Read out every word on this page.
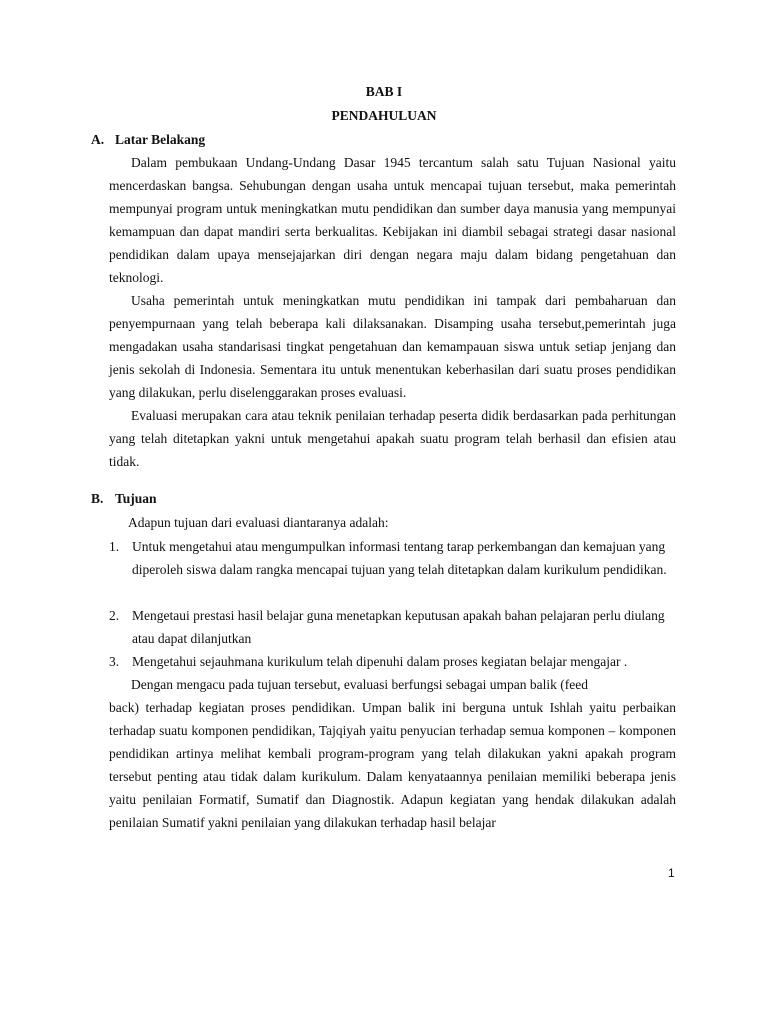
BAB I
PENDAHULUAN
A. Latar Belakang

Dalam pembukaan Undang-Undang Dasar 1945 tercantum salah satu Tujuan Nasional yaitu mencerdaskan bangsa. Sehubungan dengan usaha untuk mencapai tujuan tersebut, maka pemerintah mempunyai program untuk meningkatkan mutu pendidikan dan sumber daya manusia yang mempunyai kemampuan dan dapat mandiri serta berkualitas. Kebijakan ini diambil sebagai strategi dasar nasional pendidikan dalam upaya mensejajarkan diri dengan negara maju dalam bidang pengetahuan dan teknologi.

Usaha pemerintah untuk meningkatkan mutu pendidikan ini tampak dari pembaharuan dan penyempurnaan yang telah beberapa kali dilaksanakan. Disamping usaha tersebut,pemerintah juga mengadakan usaha standarisasi tingkat pengetahuan dan kemampauan siswa untuk setiap jenjang dan jenis sekolah di Indonesia. Sementara itu untuk menentukan keberhasilan dari suatu proses pendidikan yang dilakukan, perlu diselenggarakan proses evaluasi.

Evaluasi merupakan cara atau teknik penilaian terhadap peserta didik berdasarkan pada perhitungan yang telah ditetapkan yakni untuk mengetahui apakah suatu program telah berhasil dan efisien atau tidak.

B. Tujuan

Adapun tujuan dari evaluasi diantaranya adalah:

1. Untuk mengetahui atau mengumpulkan informasi tentang tarap perkembangan dan kemajuan yang diperoleh siswa dalam rangka mencapai tujuan yang telah ditetapkan dalam kurikulum pendidikan.
2. Mengetaui prestasi hasil belajar guna menetapkan keputusan apakah bahan pelajaran perlu diulang atau dapat dilanjutkan
3. Mengetahui sejauhmana kurikulum telah dipenuhi dalam proses kegiatan belajar mengajar .

Dengan mengacu pada tujuan tersebut, evaluasi berfungsi sebagai umpan balik (feed

back) terhadap kegiatan proses pendidikan. Umpan balik ini berguna untuk Ishlah yaitu perbaikan terhadap suatu komponen pendidikan, Tajqiyah yaitu penyucian terhadap semua komponen – komponen pendidikan artinya melihat kembali program-program yang telah dilakukan yakni apakah program tersebut penting atau tidak dalam kurikulum. Dalam kenyataannya penilaian memiliki beberapa jenis yaitu penilaian Formatif, Sumatif dan Diagnostik. Adapun kegiatan yang hendak dilakukan adalah penilaian Sumatif yakni penilaian yang dilakukan terhadap hasil belajar

1
